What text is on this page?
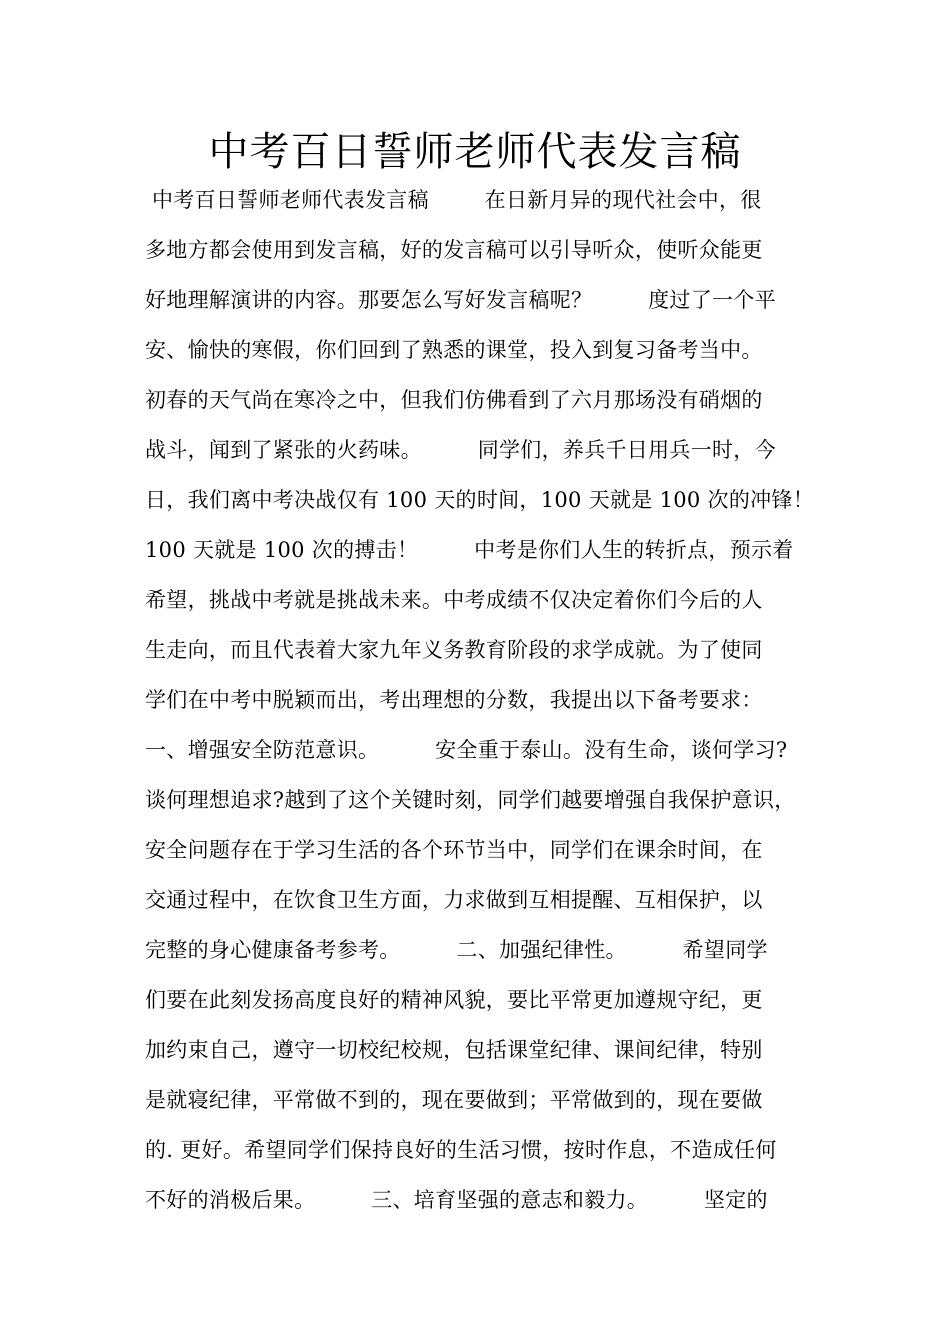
中考百日誓师老师代表发言稿

中考百日誓师老师代表发言稿        在日新月异的现代社会中，很

多地方都会使用到发言稿，好的发言稿可以引导听众，使听众能更

好地理解演讲的内容。那要怎么写好发言稿呢？        度过了一个平

安、愉快的寒假，你们回到了熟悉的课堂，投入到复习备考当中。

初春的天气尚在寒冷之中，但我们仿佛看到了六月那场没有硝烟的

战斗，闻到了紧张的火药味。        同学们，养兵千日用兵一时，今

日，我们离中考决战仅有 100 天的时间，100 天就是 100 次的冲锋！

100 天就是 100 次的搏击！        中考是你们人生的转折点，预示着

希望，挑战中考就是挑战未来。中考成绩不仅决定着你们今后的人

生走向，而且代表着大家九年义务教育阶段的求学成就。为了使同

学们在中考中脱颖而出，考出理想的分数，我提出以下备考要求：

一、增强安全防范意识。        安全重于泰山。没有生命，谈何学习?

谈何理想追求?越到了这个关键时刻，同学们越要增强自我保护意识，

安全问题存在于学习生活的各个环节当中，同学们在课余时间，在

交通过程中，在饮食卫生方面，力求做到互相提醒、互相保护，以

完整的身心健康备考参考。        二、加强纪律性。        希望同学

们要在此刻发扬高度良好的精神风貌，要比平常更加遵规守纪，更

加约束自己，遵守一切校纪校规，包括课堂纪律、课间纪律，特别

是就寝纪律，平常做不到的，现在要做到；平常做到的，现在要做

的. 更好。希望同学们保持良好的生活习惯，按时作息，不造成任何

不好的消极后果。        三、培育坚强的意志和毅力。        坚定的
